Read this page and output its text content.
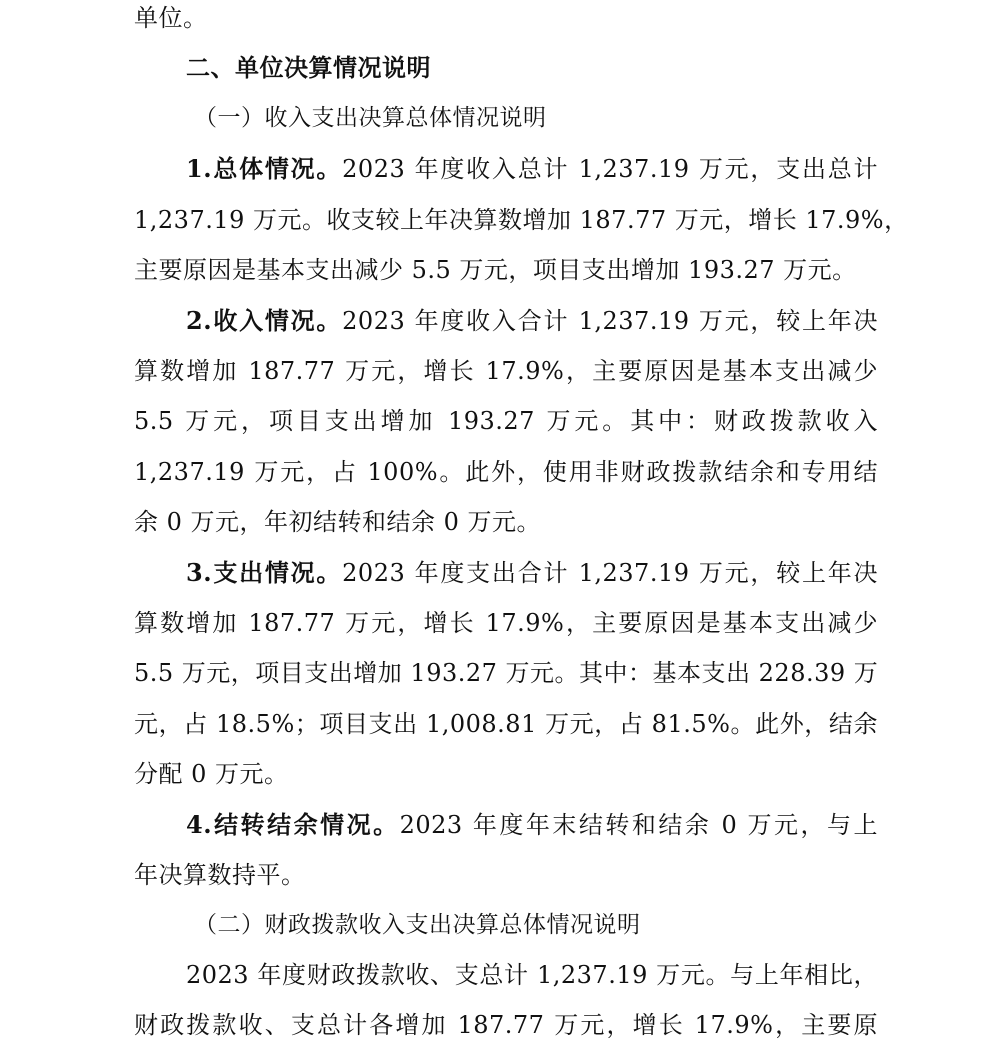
单位。
二、单位决算情况说明
（一）收入支出决算总体情况说明
1.总体情况。2023 年度收入总计 1,237.19 万元，支出总计
1,237.19 万元。收支较上年决算数增加 187.77 万元，增长 17.9%，
主要原因是基本支出减少 5.5 万元，项目支出增加 193.27 万元。
2.收入情况。2023 年度收入合计 1,237.19 万元，较上年决
算数增加 187.77 万元，增长 17.9%，主要原因是基本支出减少
5.5 万元，项目支出增加 193.27 万元。其中：财政拨款收入
1,237.19 万元，占 100%。此外，使用非财政拨款结余和专用结
余 0 万元，年初结转和结余 0 万元。
3.支出情况。2023 年度支出合计 1,237.19 万元，较上年决
算数增加 187.77 万元，增长 17.9%，主要原因是基本支出减少
5.5 万元，项目支出增加 193.27 万元。其中：基本支出 228.39 万
元，占 18.5%；项目支出 1,008.81 万元，占 81.5%。此外，结余
分配 0 万元。
4.结转结余情况。2023 年度年末结转和结余 0 万元，与上
年决算数持平。
（二）财政拨款收入支出决算总体情况说明
2023 年度财政拨款收、支总计 1,237.19 万元。与上年相比，
财政拨款收、支总计各增加 187.77 万元，增长 17.9%，主要原
